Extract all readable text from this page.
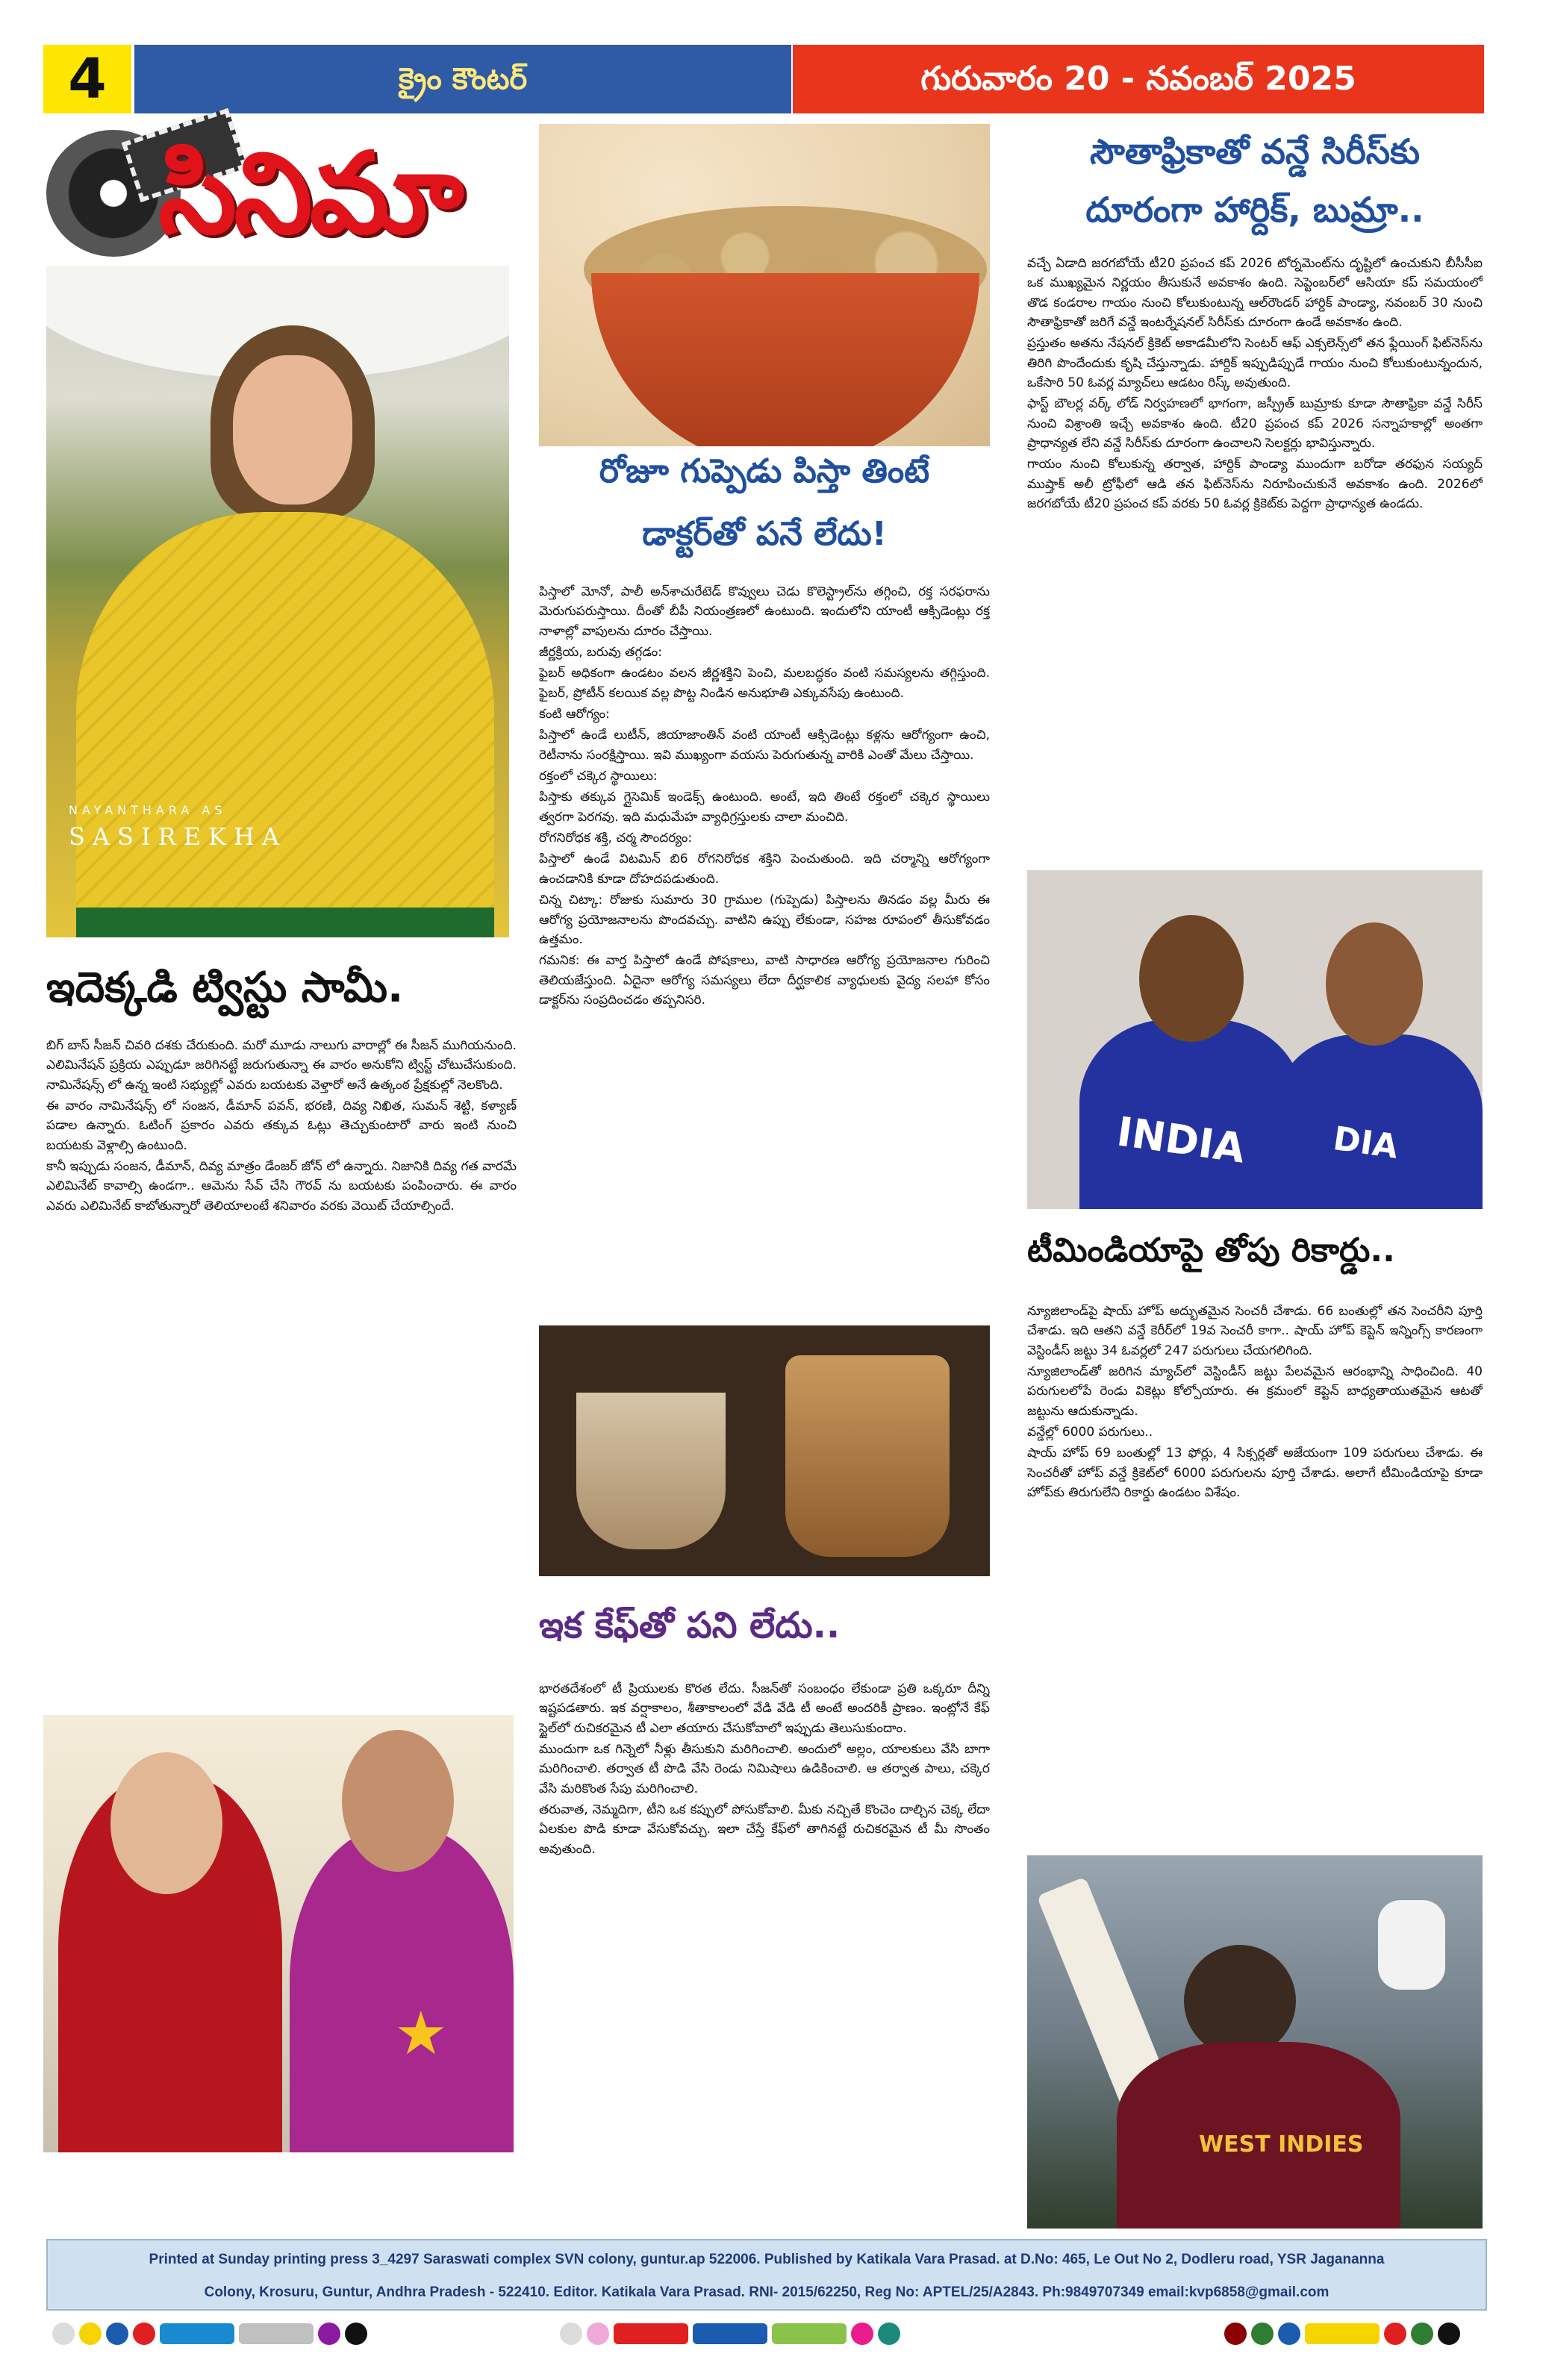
4	క్రైం కౌంటర్	గురువారం 20 - నవంబర్ 2025
సినిమా
NAYANTHARA AS
SASIREKHA
ఇదెక్కడి ట్విస్టు సామీ.

బిగ్ బాస్ సీజన్ చివరి దశకు చేరుకుంది. మరో మూడు నాలుగు వారాల్లో ఈ సీజన్ ముగియనుంది. ఎలిమినేషన్ ప్రక్రియ ఎప్పుడూ జరిగినట్టే జరుగుతున్నా ఈ వారం అనుకోని ట్విస్ట్ చోటుచేసుకుంది. నామినేషన్స్ లో ఉన్న ఇంటి సభ్యుల్లో ఎవరు బయటకు వెళ్తారో అనే ఉత్కంఠ ప్రేక్షకుల్లో నెలకొంది.

ఈ వారం నామినేషన్స్ లో సంజన, డీమాన్ పవన్, భరణి, దివ్య నిఖిత, సుమన్ శెట్టి, కళ్యాణ్ పడాల ఉన్నారు. ఓటింగ్ ప్రకారం ఎవరు తక్కువ ఓట్లు తెచ్చుకుంటారో వారు ఇంటి నుంచి బయటకు వెళ్లాల్సి ఉంటుంది.

కానీ ఇప్పుడు సంజన, డీమాన్, దివ్య మాత్రం డేంజర్ జోన్ లో ఉన్నారు. నిజానికి దివ్య గత వారమే ఎలిమినేట్ కావాల్సి ఉండగా.. ఆమెను సేవ్ చేసి గౌరవ్ ను బయటకు పంపించారు. ఈ వారం ఎవరు ఎలిమినేట్ కాబోతున్నారో తెలియాలంటే శనివారం వరకు వెయిట్ చేయాల్సిందే.

★
రోజూ గుప్పెడు పిస్తా తింటే
డాక్టర్‌తో పనే లేదు!

పిస్తాలో మోనో, పాలీ అన్‌శాచురేటెడ్ కొవ్వులు చెడు కొలెస్ట్రాల్‌ను తగ్గించి, రక్త సరఫరాను మెరుగుపరుస్తాయి. దీంతో బీపీ నియంత్రణలో ఉంటుంది. ఇందులోని యాంటీ ఆక్సిడెంట్లు రక్త నాళాల్లో వాపులను దూరం చేస్తాయి.

జీర్ణక్రియ, బరువు తగ్గడం:

ఫైబర్ అధికంగా ఉండటం వలన జీర్ణశక్తిని పెంచి, మలబద్ధకం వంటి సమస్యలను తగ్గిస్తుంది. ఫైబర్, ప్రోటీన్ కలయిక వల్ల పొట్ట నిండిన అనుభూతి ఎక్కువసేపు ఉంటుంది.

కంటి ఆరోగ్యం:

పిస్తాలో ఉండే లుటీన్, జియాజాంతిన్ వంటి యాంటీ ఆక్సిడెంట్లు కళ్లను ఆరోగ్యంగా ఉంచి, రెటీనాను సంరక్షిస్తాయి. ఇవి ముఖ్యంగా వయసు పెరుగుతున్న వారికి ఎంతో మేలు చేస్తాయి.

రక్తంలో చక్కెర స్థాయిలు:

పిస్తాకు తక్కువ గ్లైసెమిక్ ఇండెక్స్ ఉంటుంది. అంటే, ఇది తింటే రక్తంలో చక్కెర స్థాయిలు త్వరగా పెరగవు. ఇది మధుమేహ వ్యాధిగ్రస్తులకు చాలా మంచిది.

రోగనిరోధక శక్తి, చర్మ సౌందర్యం:

పిస్తాలో ఉండే విటమిన్ బి6 రోగనిరోధక శక్తిని పెంచుతుంది. ఇది చర్మాన్ని ఆరోగ్యంగా ఉంచడానికి కూడా దోహదపడుతుంది.

చిన్న చిట్కా: రోజుకు సుమారు 30 గ్రాముల (గుప్పెడు) పిస్తాలను తినడం వల్ల మీరు ఈ ఆరోగ్య ప్రయోజనాలను పొందవచ్చు. వాటిని ఉప్పు లేకుండా, సహజ రూపంలో తీసుకోవడం ఉత్తమం.

గమనిక: ఈ వార్త పిస్తాలో ఉండే పోషకాలు, వాటి సాధారణ ఆరోగ్య ప్రయోజనాల గురించి తెలియజేస్తుంది. ఏదైనా ఆరోగ్య సమస్యలు లేదా దీర్ఘకాలిక వ్యాధులకు వైద్య సలహా కోసం డాక్టర్‌ను సంప్రదించడం తప్పనిసరి.

ఇక కేఫ్‌తో పని లేదు..

భారతదేశంలో టీ ప్రియులకు కొరత లేదు. సీజన్‌తో సంబంధం లేకుండా ప్రతి ఒక్కరూ దీన్ని ఇష్టపడతారు. ఇక వర్షాకాలం, శీతాకాలంలో వేడి వేడి టీ అంటే అందరికీ ప్రాణం. ఇంట్లోనే కేఫ్ స్టైల్‌లో రుచికరమైన టీ ఎలా తయారు చేసుకోవాలో ఇప్పుడు తెలుసుకుందాం.

ముందుగా ఒక గిన్నెలో నీళ్లు తీసుకుని మరిగించాలి. అందులో అల్లం, యాలకులు వేసి బాగా మరిగించాలి. తర్వాత టీ పొడి వేసి రెండు నిమిషాలు ఉడికించాలి. ఆ తర్వాత పాలు, చక్కెర వేసి మరికొంత సేపు మరిగించాలి.

తరువాత, నెమ్మదిగా, టీని ఒక కప్పులో పోసుకోవాలి. మీకు నచ్చితే కొంచెం దాల్చిన చెక్క లేదా ఏలకుల పొడి కూడా వేసుకోవచ్చు. ఇలా చేస్తే కేఫ్‌లో తాగినట్టే రుచికరమైన టీ మీ సొంతం అవుతుంది.

సౌతాఫ్రికాతో వన్డే సిరీస్‌కు
దూరంగా హార్దిక్, బుమ్రా..

వచ్చే ఏడాది జరగబోయే టీ20 ప్రపంచ కప్ 2026 టోర్నమెంట్‌ను దృష్టిలో ఉంచుకుని బీసీసీఐ ఒక ముఖ్యమైన నిర్ణయం తీసుకునే అవకాశం ఉంది. సెప్టెంబర్‌లో ఆసియా కప్ సమయంలో తొడ కండరాల గాయం నుంచి కోలుకుంటున్న ఆల్‌రౌండర్ హార్దిక్ పాండ్యా, నవంబర్ 30 నుంచి సౌతాఫ్రికాతో జరిగే వన్డే ఇంటర్నేషనల్ సిరీస్‌కు దూరంగా ఉండే అవకాశం ఉంది.

ప్రస్తుతం అతను నేషనల్ క్రికెట్ అకాడమీలోని సెంటర్ ఆఫ్ ఎక్సలెన్స్‌లో తన ఫ్లేయింగ్ ఫిట్‌నెస్‌ను తిరిగి పొందేందుకు కృషి చేస్తున్నాడు. హార్దిక్ ఇప్పుడిప్పుడే గాయం నుంచి కోలుకుంటున్నందున, ఒకేసారి 50 ఓవర్ల మ్యాచ్‌లు ఆడటం రిస్క్ అవుతుంది.

ఫాస్ట్ బౌలర్ల వర్క్ లోడ్ నిర్వహణలో భాగంగా, జస్ప్రీత్ బుమ్రాకు కూడా సౌతాఫ్రికా వన్డే సిరీస్ నుంచి విశ్రాంతి ఇచ్చే అవకాశం ఉంది. టీ20 ప్రపంచ కప్ 2026 సన్నాహకాల్లో అంతగా ప్రాధాన్యత లేని వన్డే సిరీస్‌కు దూరంగా ఉంచాలని సెలక్టర్లు భావిస్తున్నారు.

గాయం నుంచి కోలుకున్న తర్వాత, హార్దిక్ పాండ్యా ముందుగా బరోడా తరఫున సయ్యద్ ముష్తాక్ అలీ ట్రోఫీలో ఆడి తన ఫిట్‌నెస్‌ను నిరూపించుకునే అవకాశం ఉంది. 2026లో జరగబోయే టీ20 ప్రపంచ కప్ వరకు 50 ఓవర్ల క్రికెట్‌కు పెద్దగా ప్రాధాన్యత ఉండదు.

INDIA	DIA
టీమిండియాపై తోపు రికార్డు..

న్యూజిలాండ్‌పై షాయ్ హోప్ అద్భుతమైన సెంచరీ చేశాడు. 66 బంతుల్లో తన సెంచరీని పూర్తి చేశాడు. ఇది ఆతని వన్డే కెరీర్‌లో 19వ సెంచరీ కాగా.. షాయ్ హోప్ కెప్టెన్ ఇన్నింగ్స్ కారణంగా వెస్టిండీస్ జట్టు 34 ఓవర్లలో 247 పరుగులు చేయగలిగింది.

న్యూజిలాండ్‌తో జరిగిన మ్యాచ్‌లో వెస్టిండీస్ జట్టు పేలవమైన ఆరంభాన్ని సాధించింది. 40 పరుగులలోపే రెండు వికెట్లు కోల్పోయారు. ఈ క్రమంలో కెప్టెన్ బాధ్యతాయుతమైన ఆటతో జట్టును ఆదుకున్నాడు.

వన్డేల్లో 6000 పరుగులు..

షాయ్ హోప్ 69 బంతుల్లో 13 ఫోర్లు, 4 సిక్సర్లతో అజేయంగా 109 పరుగులు చేశాడు. ఈ సెంచరీతో హోప్ వన్డే క్రికెట్‌లో 6000 పరుగులను పూర్తి చేశాడు. అలాగే టీమిండియాపై కూడా హోప్‌కు తిరుగులేని రికార్డు ఉండటం విశేషం.

WEST INDIES
Printed at Sunday printing press 3_4297 Saraswati complex SVN colony, guntur.ap 522006. Published by Katikala Vara Prasad. at D.No: 465, Le Out No 2, Dodleru road, YSR Jagananna
Colony, Krosuru, Guntur, Andhra Pradesh - 522410. Editor. Katikala Vara Prasad. RNI- 2015/62250, Reg No: APTEL/25/A2843. Ph:9849707349 email:kvp6858@gmail.com
